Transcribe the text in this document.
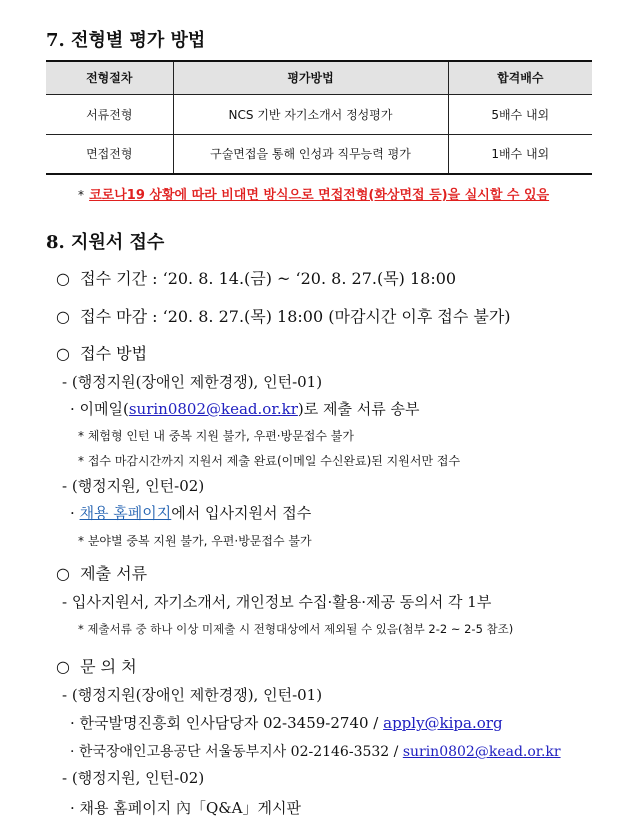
7. 전형별 평가 방법
전형절차	평가방법	합격배수
서류전형	NCS 기반 자기소개서 정성평가	5배수 내외
면접전형	구술면접을 통해 인성과 직무능력 평가	1배수 내외
* 코로나19 상황에 따라 비대면 방식으로 면접전형(화상면접 등)을 실시할 수 있음
8. 지원서 접수
○ 접수 기간 : ‘20. 8. 14.(금) ~ ‘20. 8. 27.(목) 18:00
○ 접수 마감 : ‘20. 8. 27.(목) 18:00 (마감시간 이후 접수 불가)
○ 접수 방법
- (행정지원(장애인 제한경쟁), 인턴-01)
· 이메일(surin0802@kead.or.kr)로 제출 서류 송부
* 체험형 인턴 내 중복 지원 불가, 우편·방문접수 불가
* 접수 마감시간까지 지원서 제출 완료(이메일 수신완료)된 지원서만 접수
- (행정지원, 인턴-02)
· 채용 홈페이지에서 입사지원서 접수
* 분야별 중복 지원 불가, 우편·방문접수 불가
○ 제출 서류
- 입사지원서, 자기소개서, 개인정보 수집·활용·제공 동의서 각 1부
* 제출서류 중 하나 이상 미제출 시 전형대상에서 제외될 수 있음(첨부 2-2 ~ 2-5 참조)
○ 문 의 처
- (행정지원(장애인 제한경쟁), 인턴-01)
· 한국발명진흥회 인사담당자 02-3459-2740 / apply@kipa.org
· 한국장애인고용공단 서울동부지사 02-2146-3532 / surin0802@kead.or.kr
- (행정지원, 인턴-02)
· 채용 홈페이지 內「Q&A」게시판
